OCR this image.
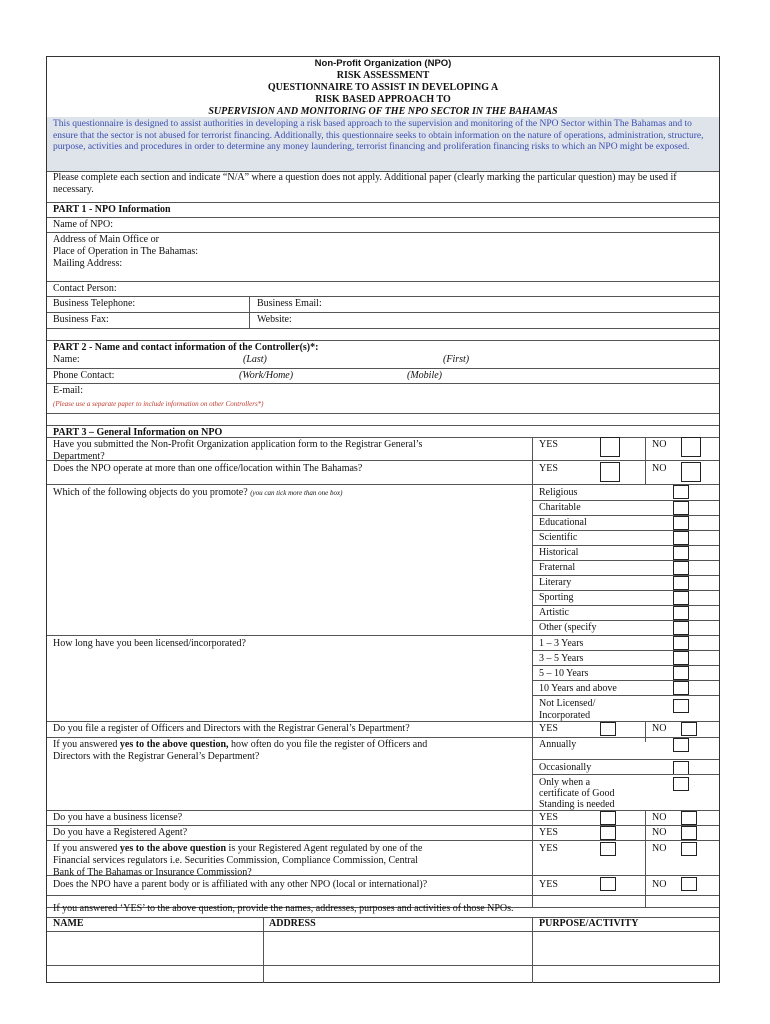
Non-Profit Organization (NPO)
RISK ASSESSMENT
QUESTIONNAIRE TO ASSIST IN DEVELOPING A
RISK BASED APPROACH TO
SUPERVISION AND MONITORING OF THE NPO SECTOR IN THE BAHAMAS
This questionnaire is designed to assist authorities in developing a risk based approach to the supervision and monitoring of the NPO Sector within The Bahamas and to ensure that the sector is not abused for terrorist financing. Additionally, this questionnaire seeks to obtain information on the nature of operations, administration, structure, purpose, activities and procedures in order to determine any money laundering, terrorist financing and proliferation financing risks to which an NPO might be exposed.
Please complete each section and indicate “N/A” where a question does not apply. Additional paper (clearly marking the particular question) may be used if necessary.
PART 1 - NPO Information
Name of NPO:
Address of Main Office or
Place of Operation in The Bahamas:
Mailing Address:
Contact Person:
Business Telephone:	Business Email:
Business Fax:	Website:
PART 2 - Name and contact information of the Controller(s)*:
Name:	(Last)	(First)
Phone Contact:	(Work/Home)	(Mobile)
E-mail:
(Please use a separate paper to include information on other Controllers*)
PART 3 – General Information on NPO
Have you submitted the Non-Profit Organization application form to the Registrar General’s
Department?
YES	NO
Does the NPO operate at more than one office/location within The Bahamas?	YES	NO
Which of the following objects do you promote? (you can tick more than one box)	Religious
Charitable
Educational
Scientific
Historical
Fraternal
Literary
Sporting
Artistic
Other (specify
How long have you been licensed/incorporated?	1 – 3 Years
3 – 5 Years
5 – 10 Years
10 Years and above
Not Licensed/
Incorporated
Do you file a register of Officers and Directors with the Registrar General’s Department?	YES	NO
If you answered yes to the above question, how often do you file the register of Officers and
Directors with the Registrar General’s Department?
Annually
Occasionally
Only when a
certificate of Good
Standing is needed
Do you have a business license?	YES	NO
Do you have a Registered Agent?	YES	NO
If you answered yes to the above question is your Registered Agent regulated by one of the
Financial services regulators i.e. Securities Commission, Compliance Commission, Central
Bank of The Bahamas or Insurance Commission?
YES	NO
Does the NPO have a parent body or is affiliated with any other NPO (local or international)?	YES	NO
If you answered ‘YES’ to the above question, provide the names, addresses, purposes and activities of those NPOs.
NAME	ADDRESS	PURPOSE/ACTIVITY
